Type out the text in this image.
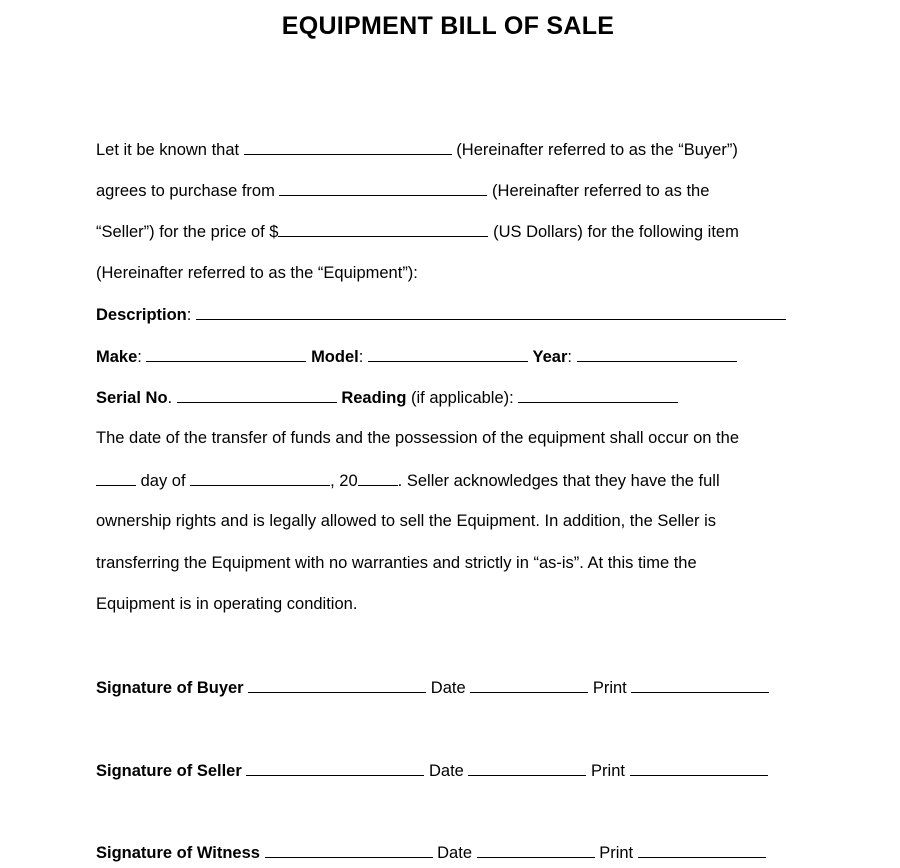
EQUIPMENT BILL OF SALE
Let it be known that	(Hereinafter referred to as the “Buyer”)
agrees to purchase from	(Hereinafter referred to as the
“Seller”) for the price of $	(US Dollars) for the following item
(Hereinafter referred to as the “Equipment”):
Description:
Make:	Model:	Year:
Serial No.	Reading (if applicable):
The date of the transfer of funds and the possession of the equipment shall occur on the
day of	, 20 . Seller acknowledges that they have the full
ownership rights and is legally allowed to sell the Equipment. In addition, the Seller is
transferring the Equipment with no warranties and strictly in “as-is”. At this time the
Equipment is in operating condition.
Signature of Buyer	Date	Print
Signature of Seller	Date	Print
Signature of Witness	Date	Print
